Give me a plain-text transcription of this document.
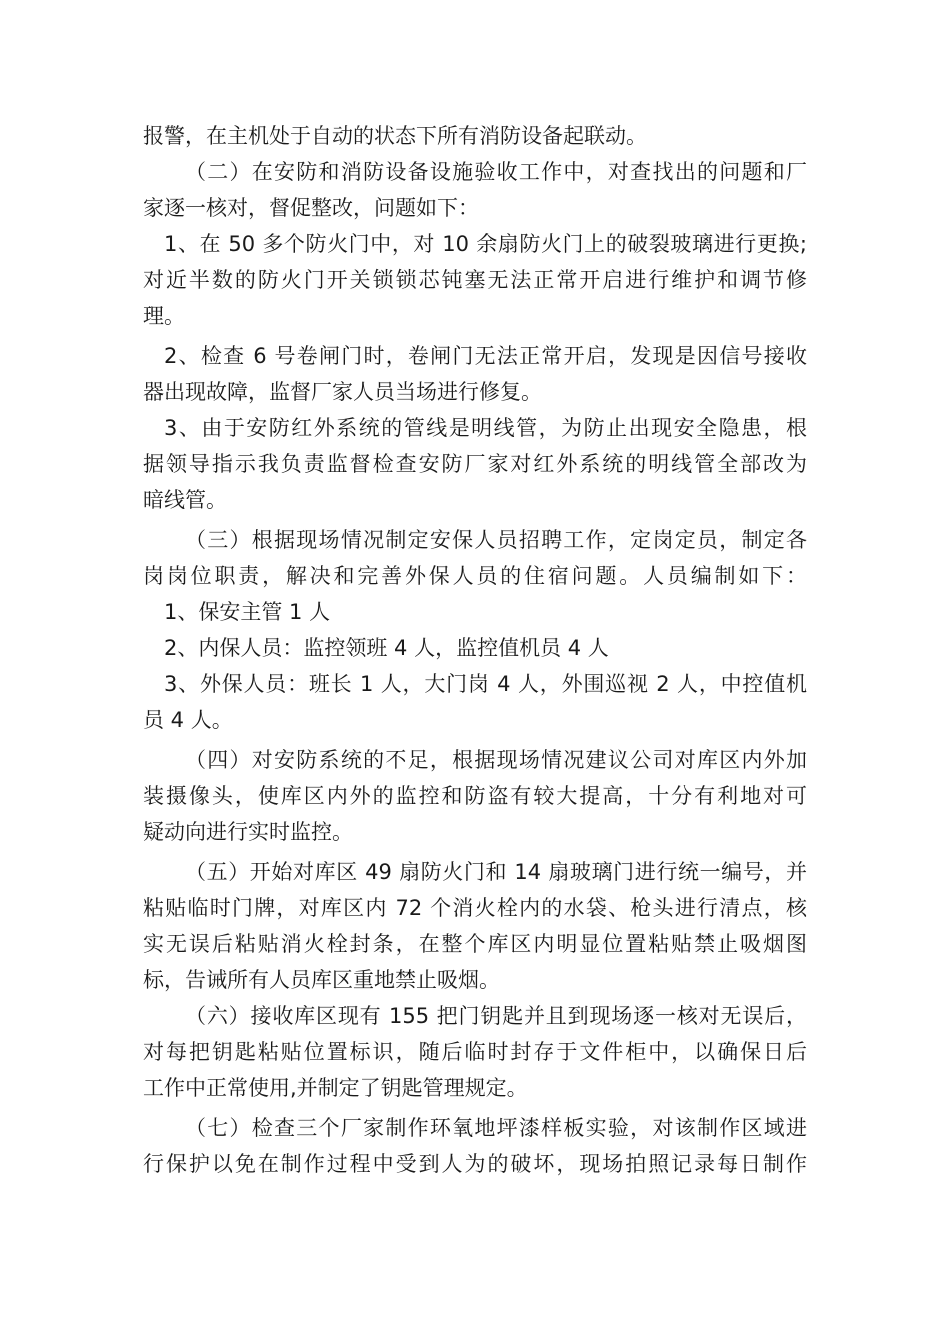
报警，在主机处于自动的状态下所有消防设备起联动。
（二）在安防和消防设备设施验收工作中，对查找出的问题和厂
家逐一核对，督促整改，问题如下：
1、在 50 多个防火门中，对 10 余扇防火门上的破裂玻璃进行更换;
对近半数的防火门开关锁锁芯钝塞无法正常开启进行维护和调节修
理。
2、检查 6 号卷闸门时，卷闸门无法正常开启，发现是因信号接收
器出现故障，监督厂家人员当场进行修复。
3、由于安防红外系统的管线是明线管，为防止出现安全隐患，根
据领导指示我负责监督检查安防厂家对红外系统的明线管全部改为
暗线管。
（三）根据现场情况制定安保人员招聘工作，定岗定员，制定各
岗岗位职责，解决和完善外保人员的住宿问题。人员编制如下：
1、保安主管 1 人
2、内保人员：监控领班 4 人，监控值机员 4 人
3、外保人员：班长 1 人，大门岗 4 人，外围巡视 2 人，中控值机
员 4 人。
（四）对安防系统的不足，根据现场情况建议公司对库区内外加
装摄像头，使库区内外的监控和防盗有较大提高，十分有利地对可
疑动向进行实时监控。
（五）开始对库区 49 扇防火门和 14 扇玻璃门进行统一编号，并
粘贴临时门牌，对库区内 72 个消火栓内的水袋、枪头进行清点，核
实无误后粘贴消火栓封条，在整个库区内明显位置粘贴禁止吸烟图
标，告诫所有人员库区重地禁止吸烟。
（六）接收库区现有 155 把门钥匙并且到现场逐一核对无误后，
对每把钥匙粘贴位置标识，随后临时封存于文件柜中，以确保日后
工作中正常使用,并制定了钥匙管理规定。
（七）检查三个厂家制作环氧地坪漆样板实验，对该制作区域进
行保护以免在制作过程中受到人为的破坏，现场拍照记录每日制作
